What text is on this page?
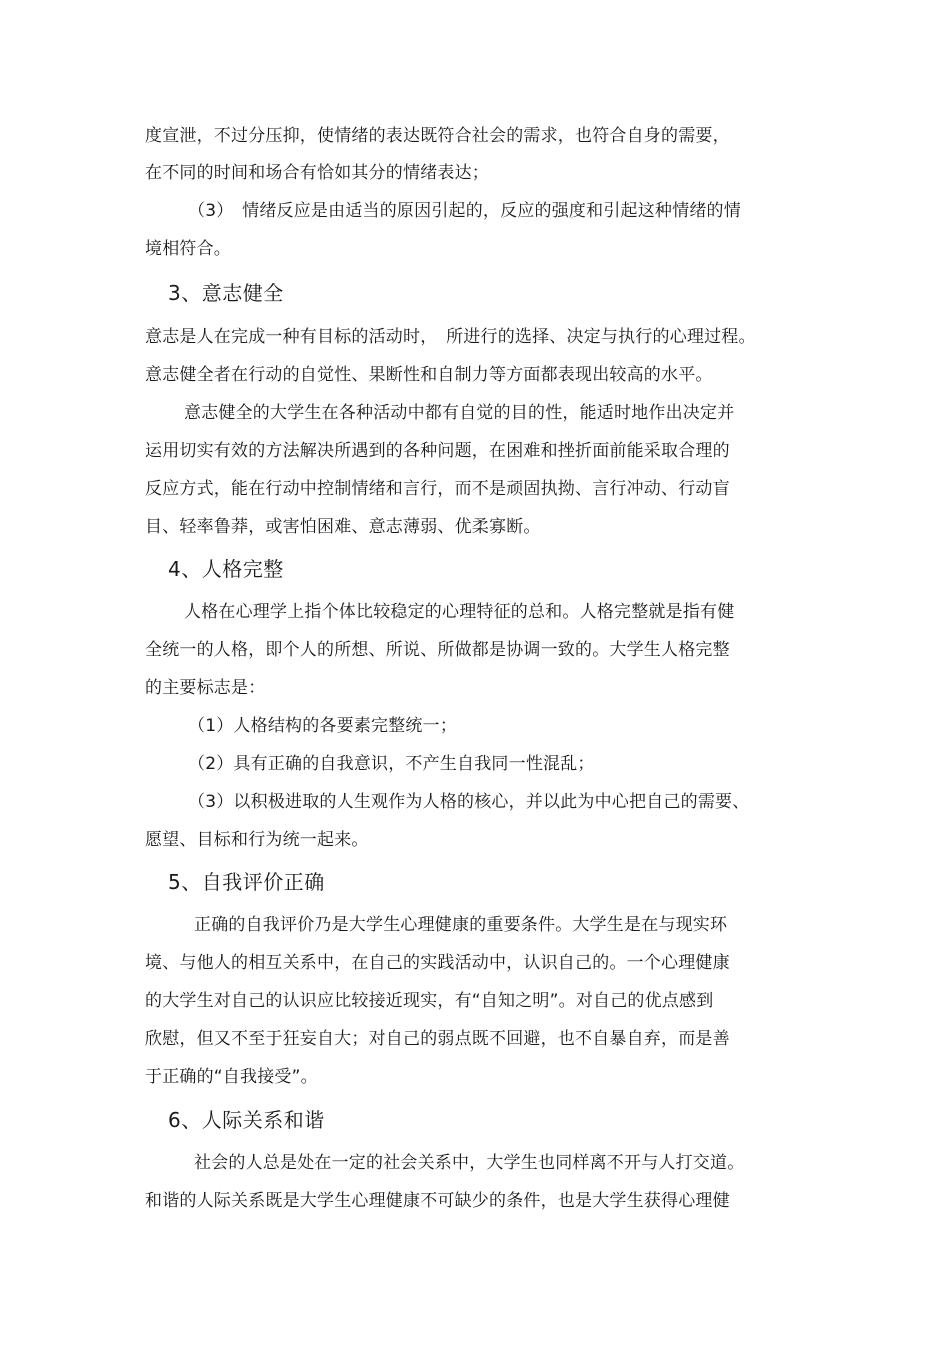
度宣泄，不过分压抑，使情绪的表达既符合社会的需求，也符合自身的需要，
在不同的时间和场合有恰如其分的情绪表达；
（3）　情绪反应是由适当的原因引起的，反应的强度和引起这种情绪的情
境相符合。
3、意志健全
意志是人在完成一种有目标的活动时，　所进行的选择、决定与执行的心理过程。
意志健全者在行动的自觉性、果断性和自制力等方面都表现出较高的水平。
意志健全的大学生在各种活动中都有自觉的目的性，能适时地作出决定并
运用切实有效的方法解决所遇到的各种问题，在困难和挫折面前能采取合理的
反应方式，能在行动中控制情绪和言行，而不是顽固执拗、言行冲动、行动盲
目、轻率鲁莽，或害怕困难、意志薄弱、优柔寡断。
4、人格完整
人格在心理学上指个体比较稳定的心理特征的总和。人格完整就是指有健
全统一的人格，即个人的所想、所说、所做都是协调一致的。大学生人格完整
的主要标志是：
（1）人格结构的各要素完整统一；
（2）具有正确的自我意识，不产生自我同一性混乱；
（3）以积极进取的人生观作为人格的核心，并以此为中心把自己的需要、
愿望、目标和行为统一起来。
5、自我评价正确
正确的自我评价乃是大学生心理健康的重要条件。大学生是在与现实环
境、与他人的相互关系中，在自己的实践活动中，认识自己的。一个心理健康
的大学生对自己的认识应比较接近现实，有“自知之明”。对自己的优点感到
欣慰，但又不至于狂妄自大；对自己的弱点既不回避，也不自暴自弃，而是善
于正确的“自我接受”。
6、人际关系和谐
社会的人总是处在一定的社会关系中，大学生也同样离不开与人打交道。
和谐的人际关系既是大学生心理健康不可缺少的条件，也是大学生获得心理健
